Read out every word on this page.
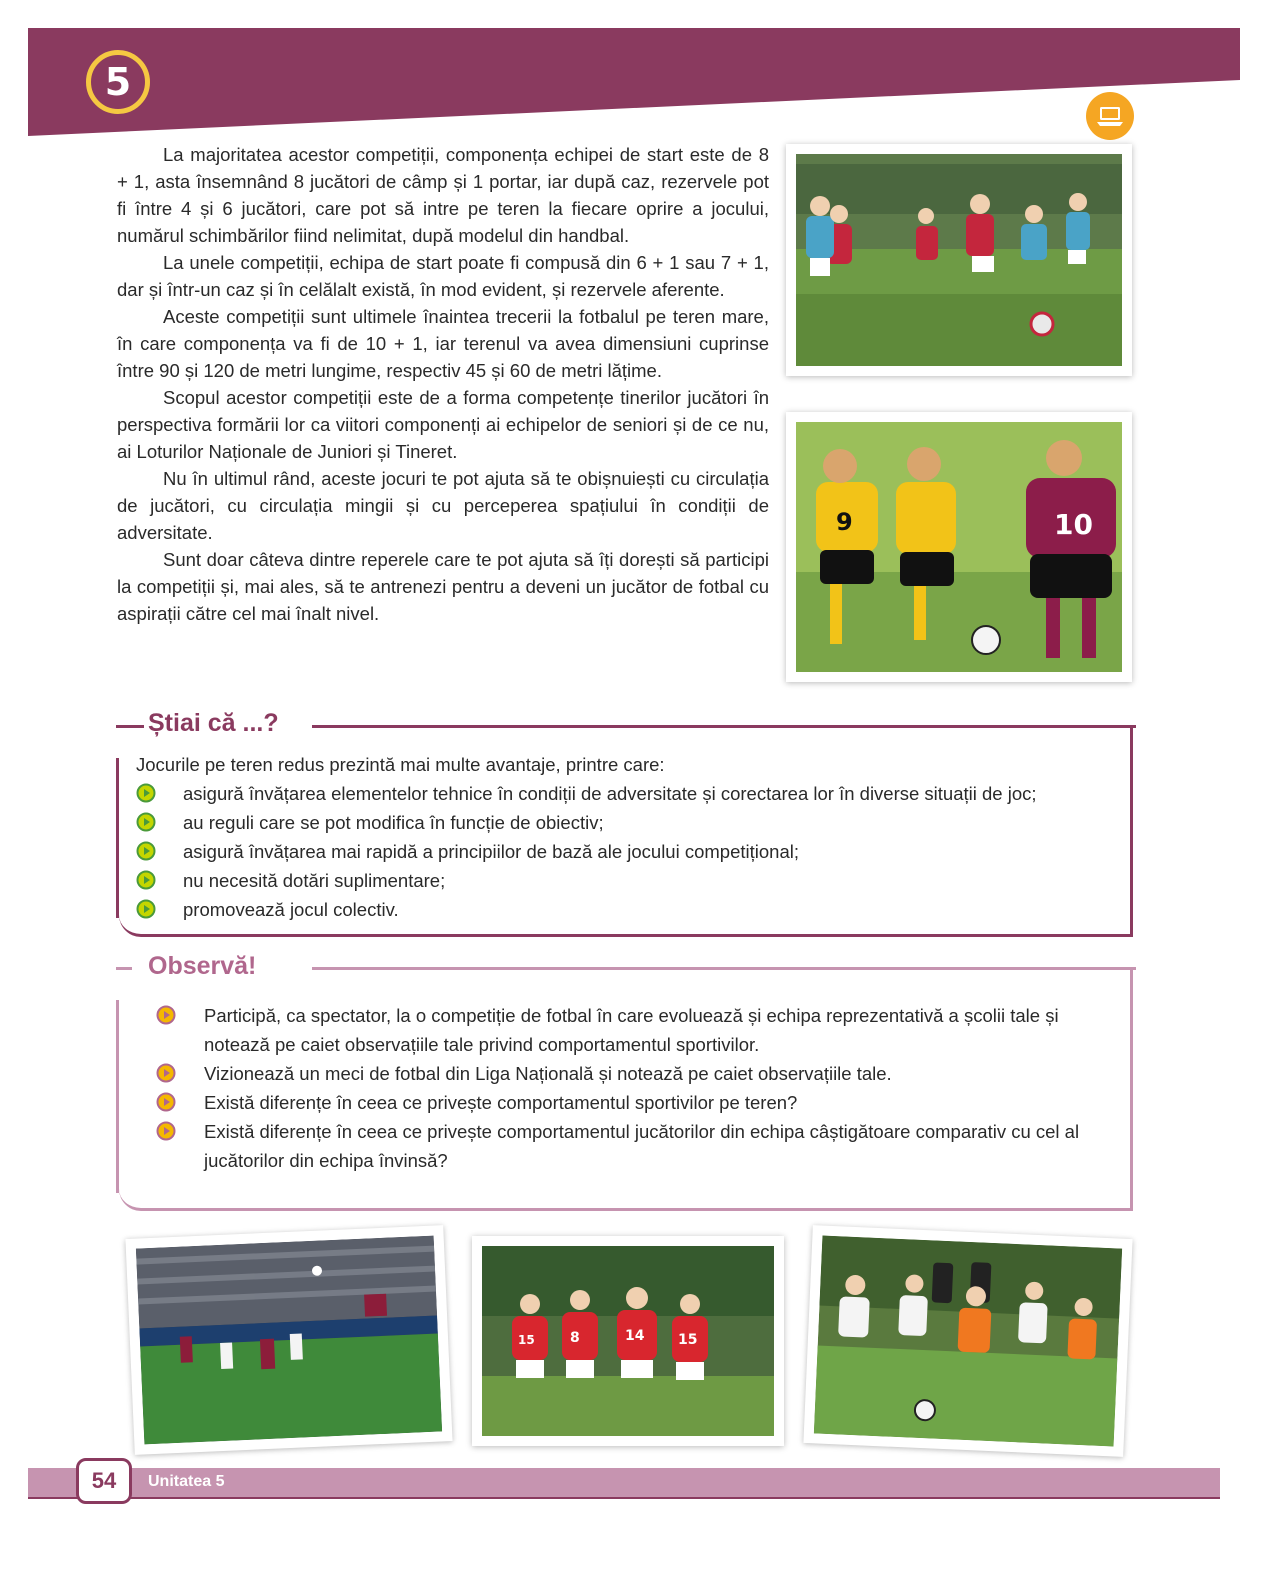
5

La majoritatea acestor competiții, componența echipei de start este de 8 + 1, asta însemnând 8 jucători de câmp și 1 portar, iar după caz, rezervele pot fi între 4 și 6 jucători, care pot să intre pe teren la fiecare oprire a jocului, numărul schimbărilor fiind nelimitat, după modelul din handbal.

La unele competiții, echipa de start poate fi compusă din 6 + 1 sau 7 + 1, dar și într-un caz și în celălalt există, în mod evident, și rezervele aferente.

Aceste competiții sunt ultimele înaintea trecerii la fotbalul pe teren mare, în care componența va fi de 10 + 1, iar terenul va avea dimensiuni cuprinse între 90 și 120 de metri lungime, respectiv 45 și 60 de metri lățime.

Scopul acestor competiții este de a forma competențe tinerilor jucători în perspectiva formării lor ca viitori componenți ai echipelor de seniori și de ce nu, ai Loturilor Naționale de Juniori și Tineret.

Nu în ultimul rând, aceste jocuri te pot ajuta să te obișnuiești cu circulația de jucători, cu circulația mingii și cu perceperea spațiului în condiții de adversitate.

Sunt doar câteva dintre reperele care te pot ajuta să îți dorești să participi la competiții și, mai ales, să te antrenezi pentru a deveni un jucător de fotbal cu aspirații către cel mai înalt nivel.

9	10
Știai că ...?
Jocurile pe teren redus prezintă mai multe avantaje, printre care:
asigură învățarea elementelor tehnice în condiții de adversitate și corectarea lor în diverse situații de joc;
au reguli care se pot modifica în funcție de obiectiv;
asigură învățarea mai rapidă a principiilor de bază ale jocului competițional;
nu necesită dotări suplimentare;
promovează jocul colectiv.
Observă!
Participă, ca spectator, la o competiție de fotbal în care evoluează și echipa reprezentativă a școlii tale și notează pe caiet observațiile tale privind comportamentul sportivilor.
Vizionează un meci de fotbal din Liga Națională și notează pe caiet observațiile tale.
Există diferențe în ceea ce privește comportamentul sportivilor pe teren?
Există diferențe în ceea ce privește comportamentul jucătorilor din echipa câștigătoare comparativ cu cel al jucătorilor din echipa învinsă?
8	14
15	15
54	Unitatea 5
